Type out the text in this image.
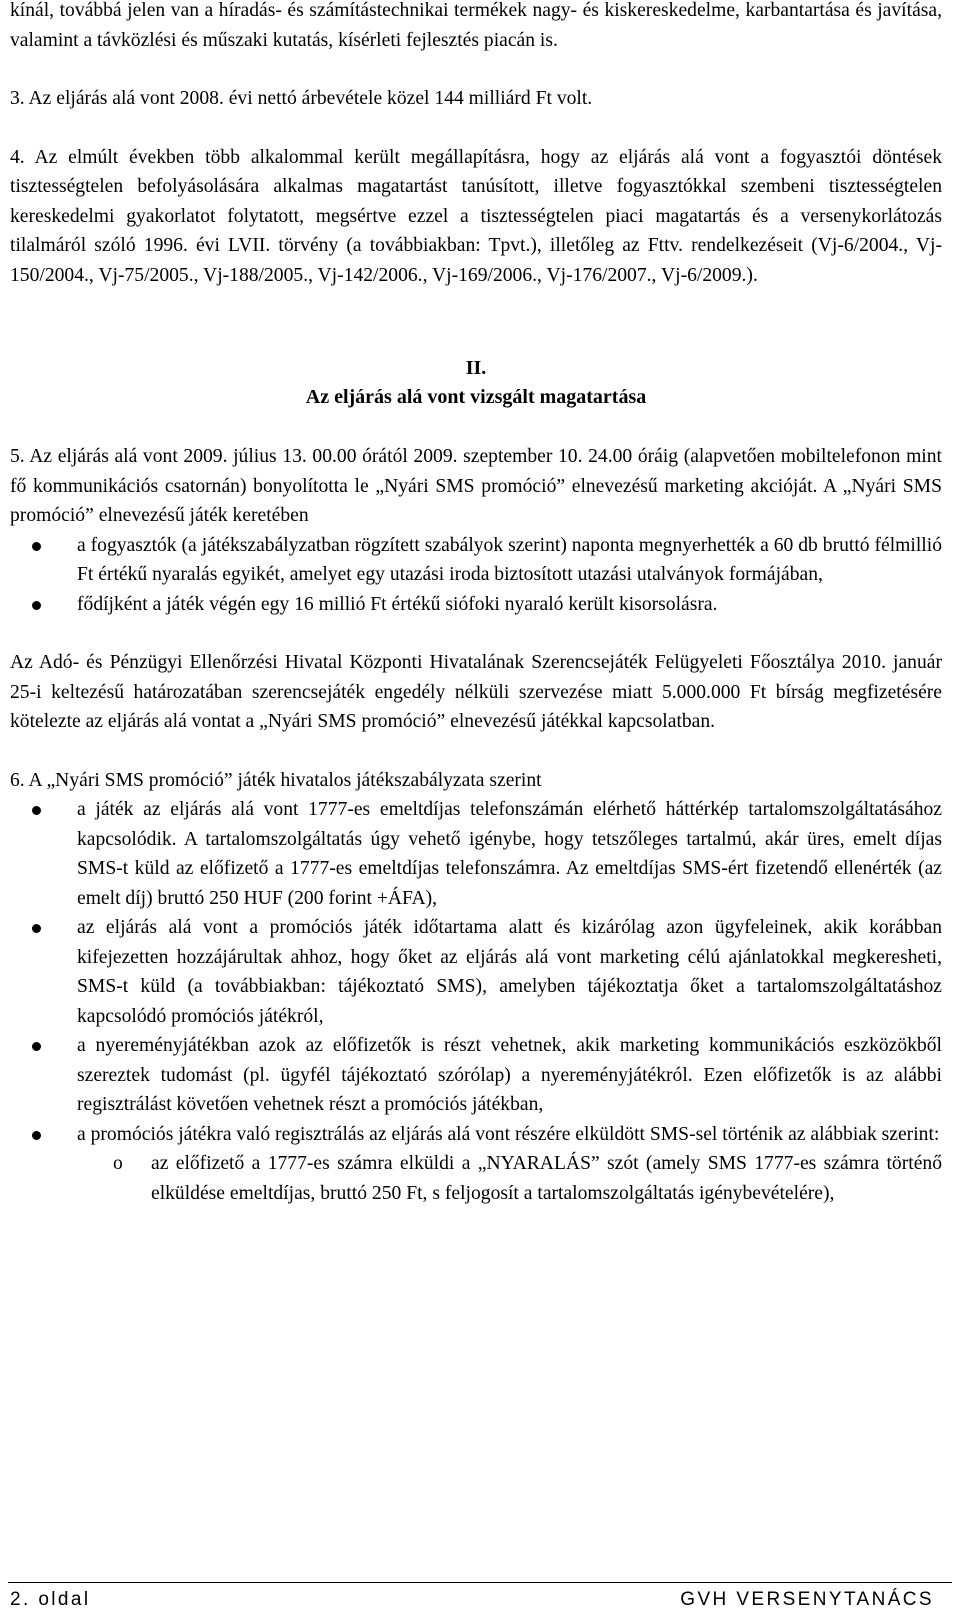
kínál, továbbá jelen van a híradás- és számítástechnikai termékek nagy- és kiskereskedelme, karbantartása és javítása, valamint a távközlési és műszaki kutatás, kísérleti fejlesztés piacán is.

3. Az eljárás alá vont 2008. évi nettó árbevétele közel 144 milliárd Ft volt.

4. Az elmúlt években több alkalommal került megállapításra, hogy az eljárás alá vont a fogyasztói döntések tisztességtelen befolyásolására alkalmas magatartást tanúsított, illetve fogyasztókkal szembeni tisztességtelen kereskedelmi gyakorlatot folytatott, megsértve ezzel a tisztességtelen piaci magatartás és a versenykorlátozás tilalmáról szóló 1996. évi LVII. törvény (a továbbiakban: Tpvt.), illetőleg az Fttv. rendelkezéseit (Vj-6/2004., Vj-150/2004., Vj-75/2005., Vj-188/2005., Vj-142/2006., Vj-169/2006., Vj-176/2007., Vj-6/2009.).

II.
Az eljárás alá vont vizsgált magatartása

5. Az eljárás alá vont 2009. július 13. 00.00 órától 2009. szeptember 10. 24.00 óráig (alapvetően mobiltelefonon mint fő kommunikációs csatornán) bonyolította le „Nyári SMS promóció” elnevezésű marketing akcióját. A „Nyári SMS promóció” elnevezésű játék keretében

a fogyasztók (a játékszabályzatban rögzített szabályok szerint) naponta megnyerhették a 60 db bruttó félmillió Ft értékű nyaralás egyikét, amelyet egy utazási iroda biztosított utazási utalványok formájában,
fődíjként a játék végén egy 16 millió Ft értékű siófoki nyaraló került kisorsolásra.

Az Adó- és Pénzügyi Ellenőrzési Hivatal Központi Hivatalának Szerencsejáték Felügyeleti Főosztálya 2010. január 25-i keltezésű határozatában szerencsejáték engedély nélküli szervezése miatt 5.000.000 Ft bírság megfizetésére kötelezte az eljárás alá vontat a „Nyári SMS promóció” elnevezésű játékkal kapcsolatban.

6. A „Nyári SMS promóció” játék hivatalos játékszabályzata szerint

a játék az eljárás alá vont 1777-es emeltdíjas telefonszámán elérhető háttérkép tartalomszolgáltatásához kapcsolódik. A tartalomszolgáltatás úgy vehető igénybe, hogy tetszőleges tartalmú, akár üres, emelt díjas SMS-t küld az előfizető a 1777-es emeltdíjas telefonszámra. Az emeltdíjas SMS-ért fizetendő ellenérték (az emelt díj) bruttó 250 HUF (200 forint +ÁFA),
az eljárás alá vont a promóciós játék időtartama alatt és kizárólag azon ügyfeleinek, akik korábban kifejezetten hozzájárultak ahhoz, hogy őket az eljárás alá vont marketing célú ajánlatokkal megkeresheti, SMS-t küld (a továbbiakban: tájékoztató SMS), amelyben tájékoztatja őket a tartalomszolgáltatáshoz kapcsolódó promóciós játékról,
a nyereményjátékban azok az előfizetők is részt vehetnek, akik marketing kommunikációs eszközökből szereztek tudomást (pl. ügyfél tájékoztató szórólap) a nyereményjátékról. Ezen előfizetők is az alábbi regisztrálást követően vehetnek részt a promóciós játékban,
a promóciós játékra való regisztrálás az eljárás alá vont részére elküldött SMS-sel történik az alábbiak szerint:
o az előfizető a 1777-es számra elküldi a „NYARALÁS” szót (amely SMS 1777-es számra történő elküldése emeltdíjas, bruttó 250 Ft, s feljogosít a tartalomszolgáltatás igénybevételére),
2. oldal	GVH VERSENYTANÁCS
